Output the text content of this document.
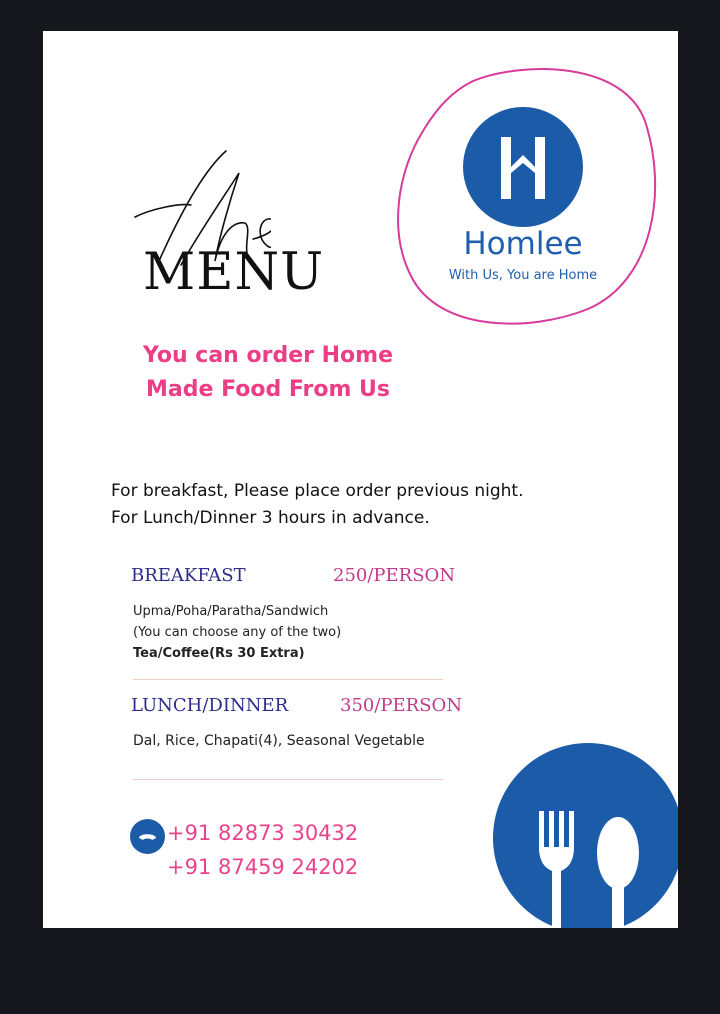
MENU
You can order Home
Made Food From Us
Homlee
With Us, You are Home
For breakfast, Please place order previous night.
For Lunch/Dinner 3 hours in advance.
BREAKFAST	250/PERSON
Upma/Poha/Paratha/Sandwich
(You can choose any of the two)
Tea/Coffee(Rs 30 Extra)
LUNCH/DINNER	350/PERSON
Dal, Rice, Chapati(4), Seasonal Vegetable
+91 82873 30432
+91 87459 24202
